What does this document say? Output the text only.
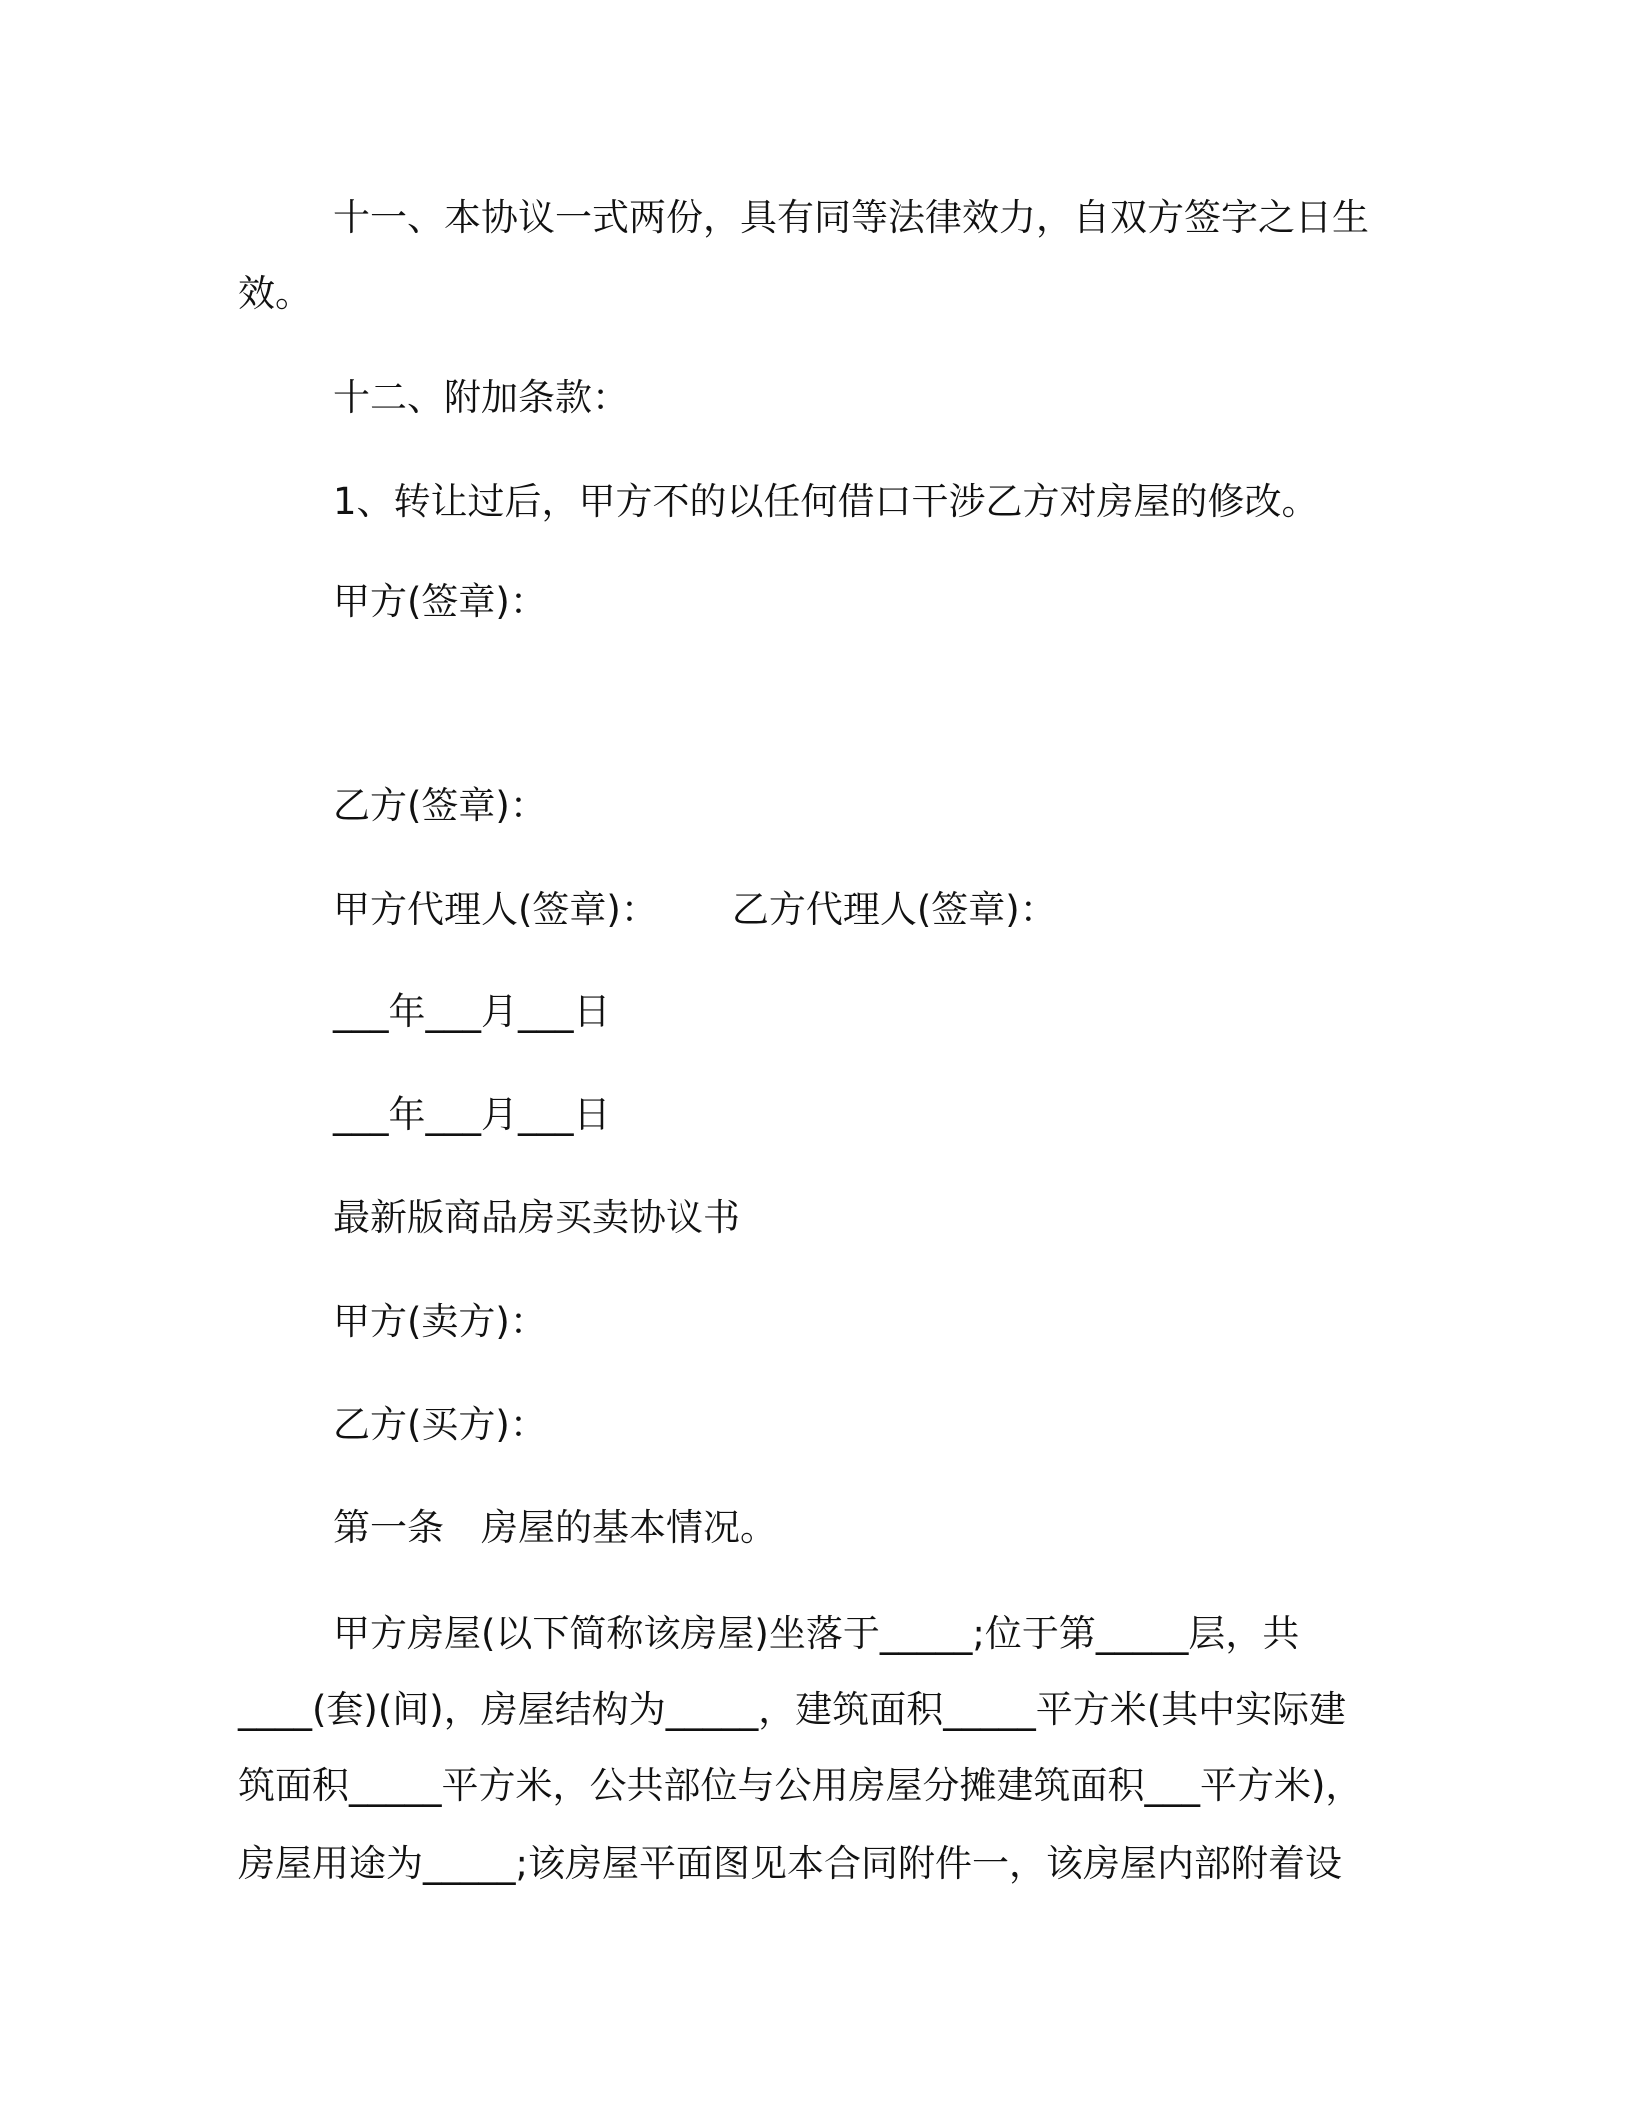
十一、本协议一式两份，具有同等法律效力，自双方签字之日生
效。
十二、附加条款：
1、转让过后，甲方不的以任何借口干涉乙方对房屋的修改。
甲方(签章)：
乙方(签章)：
甲方代理人(签章)： 乙方代理人(签章)：
___年___月___日
___年___月___日
最新版商品房买卖协议书
甲方(卖方)：
乙方(买方)：
第一条　房屋的基本情况。
甲方房屋(以下简称该房屋)坐落于_____;位于第_____层，共
____(套)(间)，房屋结构为_____，建筑面积_____平方米(其中实际建
筑面积_____平方米，公共部位与公用房屋分摊建筑面积___平方米)，
房屋用途为_____;该房屋平面图见本合同附件一，该房屋内部附着设
